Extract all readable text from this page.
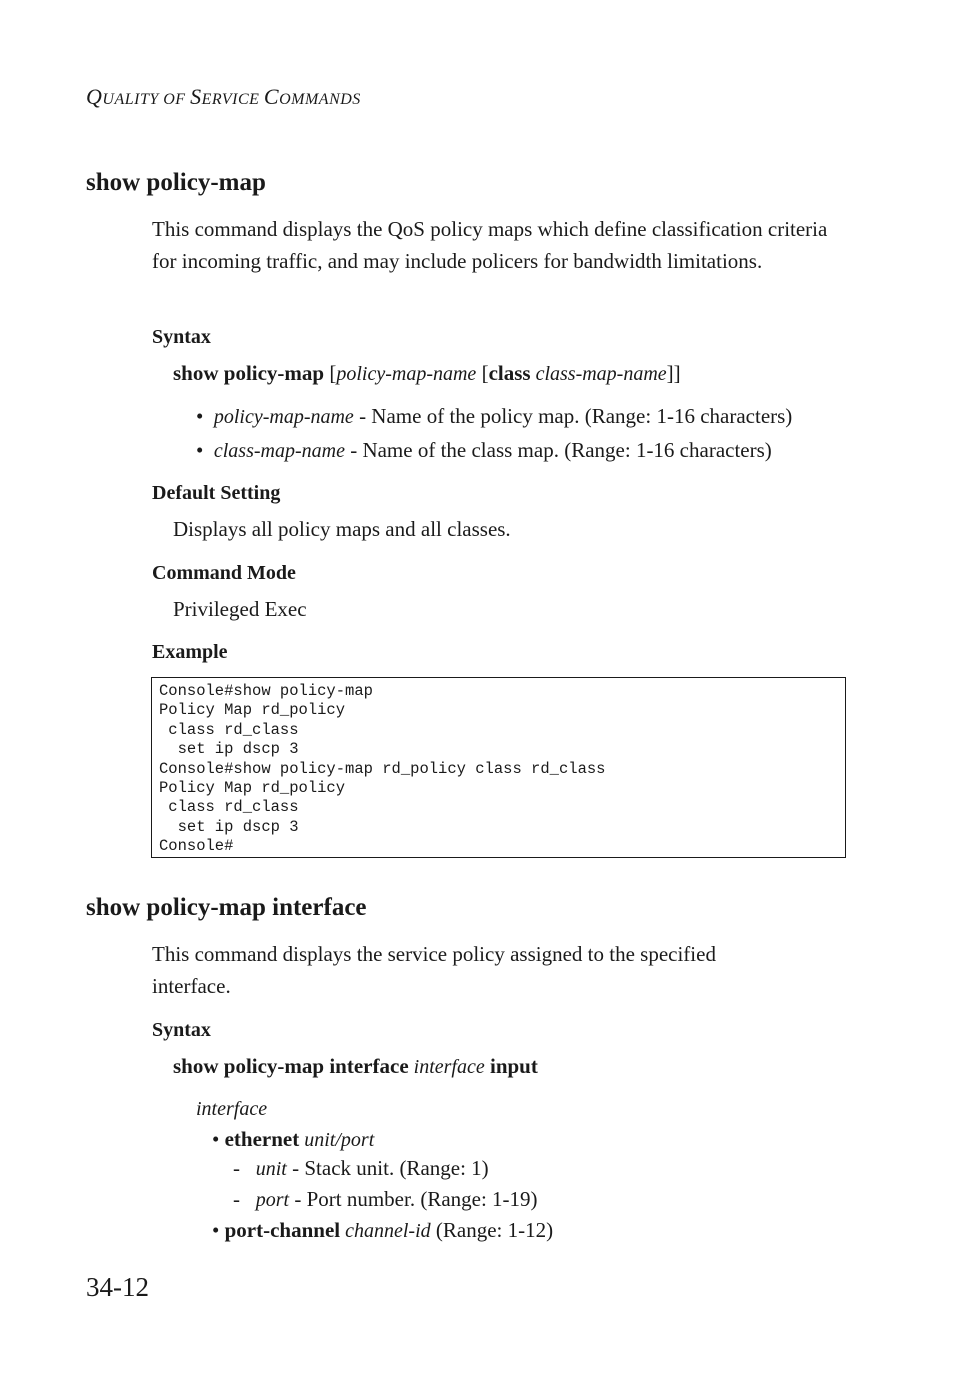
QUALITY OF SERVICE COMMANDS
show policy-map
This command displays the QoS policy maps which define classification criteria for incoming traffic, and may include policers for bandwidth limitations.
Syntax
show policy-map [policy-map-name [class class-map-name]]
•  policy-map-name - Name of the policy map. (Range: 1-16 characters)
•  class-map-name - Name of the class map. (Range: 1-16 characters)
Default Setting
Displays all policy maps and all classes.
Command Mode
Privileged Exec
Example
Console#show policy-map
Policy Map rd_policy
class rd_class
set ip dscp 3
Console#show policy-map rd_policy class rd_class
Policy Map rd_policy
class rd_class
set ip dscp 3
Console#
show policy-map interface
This command displays the service policy assigned to the specified interface.
Syntax
show policy-map interface interface input
interface
• ethernet unit/port
-   unit - Stack unit. (Range: 1)
-   port - Port number. (Range: 1-19)
• port-channel channel-id (Range: 1-12)
34-12
